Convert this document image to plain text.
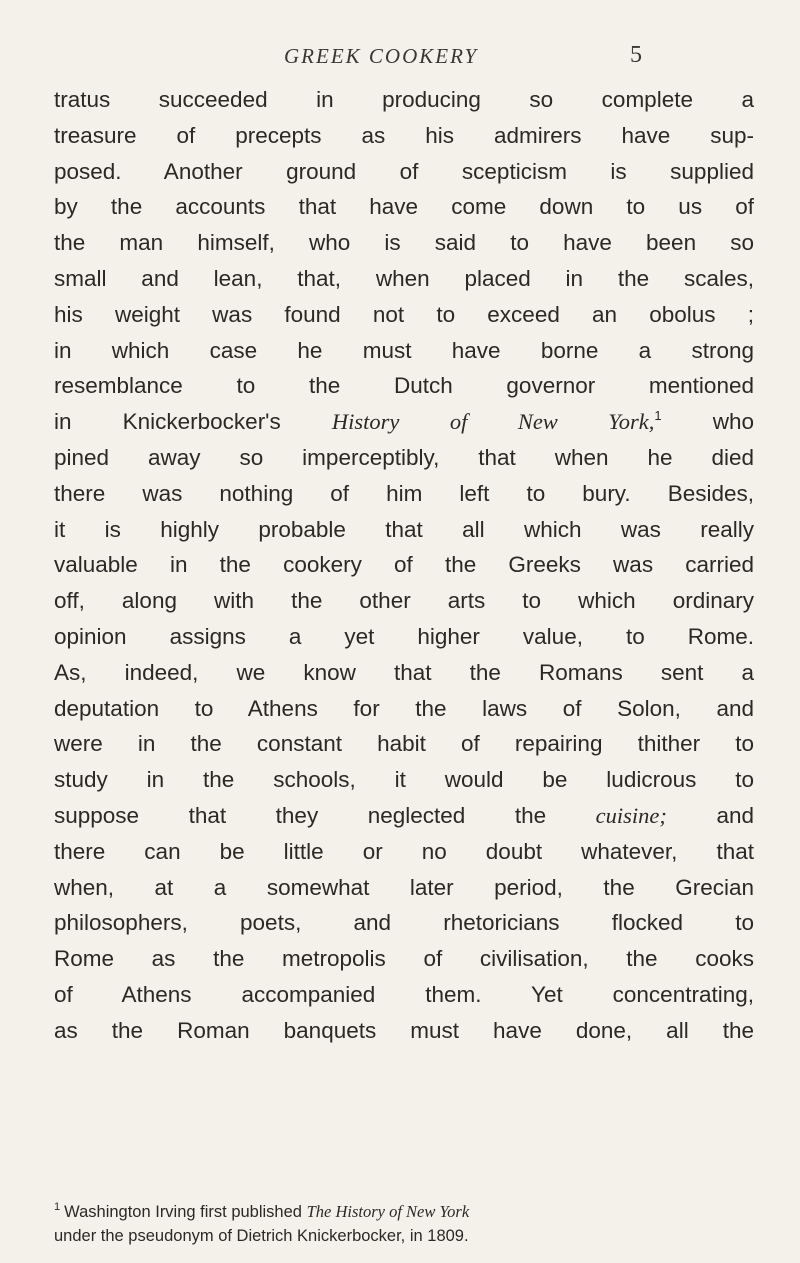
GREEK COOKERY	5
tratus succeeded in producing so complete a
treasure of precepts as his admirers have sup-
posed. Another ground of scepticism is supplied
by the accounts that have come down to us of
the man himself, who is said to have been so
small and lean, that, when placed in the scales,
his weight was found not to exceed an obolus ;
in which case he must have borne a strong
resemblance to the Dutch governor mentioned
in Knickerbocker's History of New York,$^1$ who
pined away so imperceptibly, that when he died
there was nothing of him left to bury. Besides,
it is highly probable that all which was really
valuable in the cookery of the Greeks was carried
off, along with the other arts to which ordinary
opinion assigns a yet higher value, to Rome.
As, indeed, we know that the Romans sent a
deputation to Athens for the laws of Solon, and
were in the constant habit of repairing thither to
study in the schools, it would be ludicrous to
suppose that they neglected the cuisine; and
there can be little or no doubt whatever, that
when, at a somewhat later period, the Grecian
philosophers, poets, and rhetoricians flocked to
Rome as the metropolis of civilisation, the cooks
of Athens accompanied them. Yet concentrating,
as the Roman banquets must have done, all the
$^1$ Washington Irving first published The History of New York
under the pseudonym of Dietrich Knickerbocker, in 1809.
